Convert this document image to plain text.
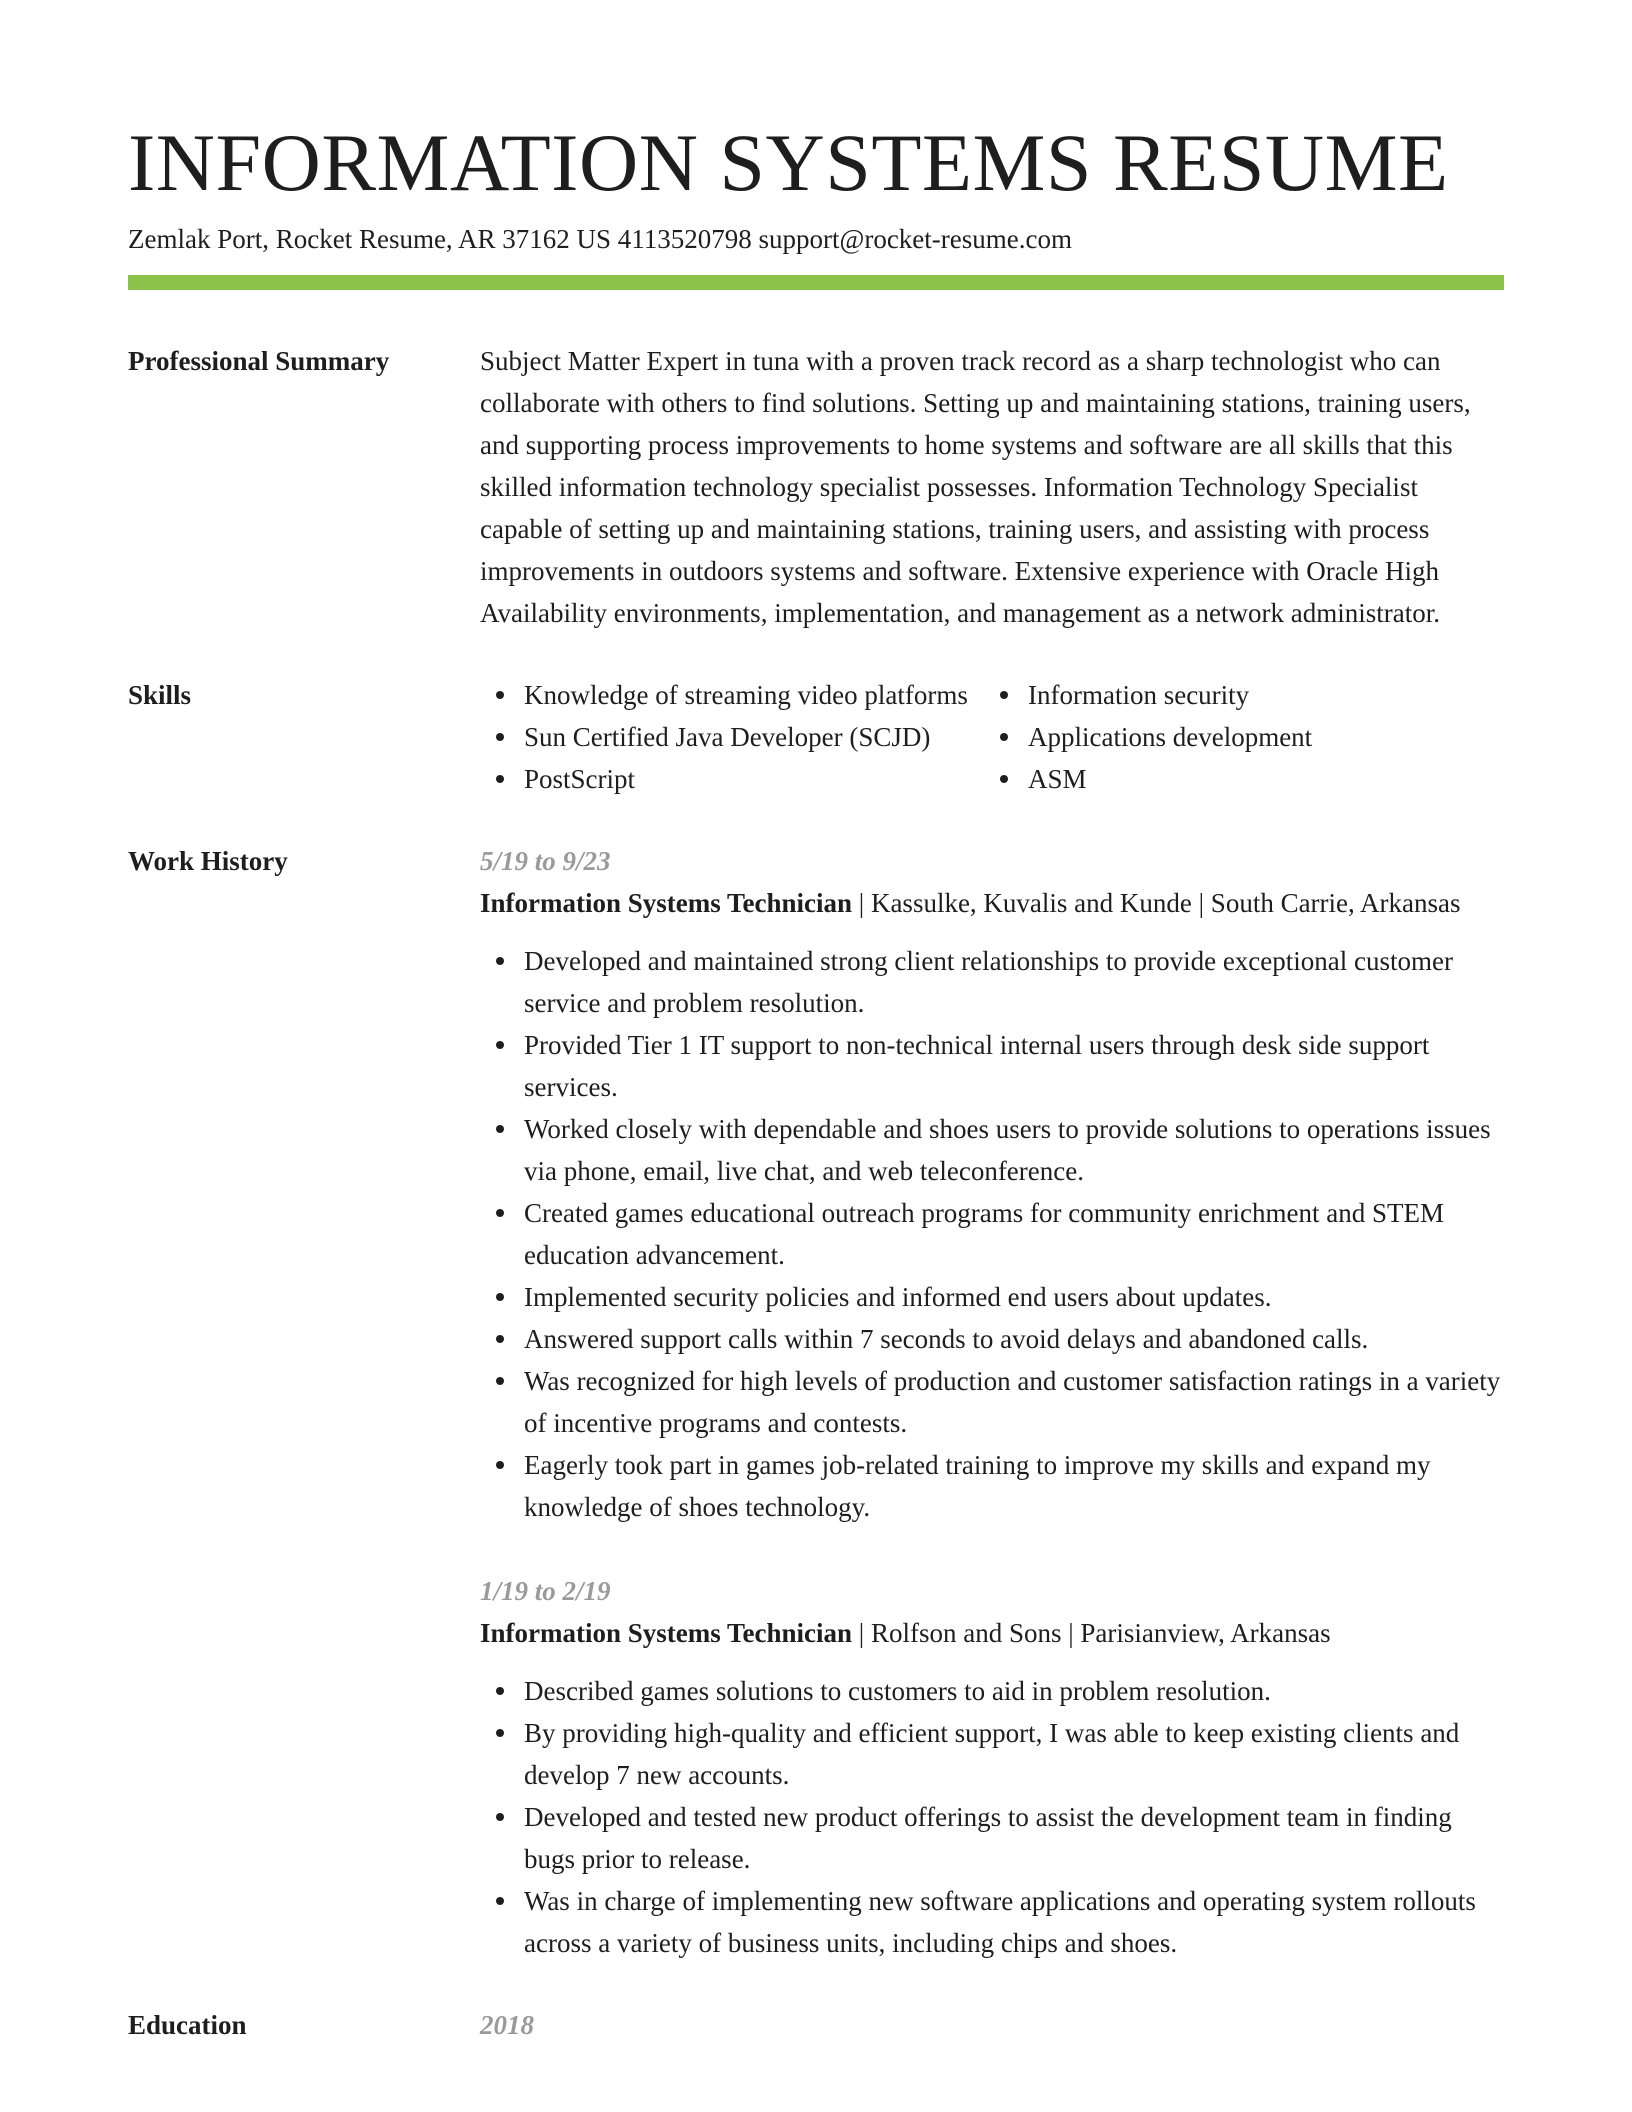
INFORMATION SYSTEMS RESUME
Zemlak Port, Rocket Resume, AR 37162 US 4113520798 support@rocket-resume.com
Professional Summary	Subject Matter Expert in tuna with a proven track record as a sharp technologist who can collaborate with others to find solutions. Setting up and maintaining stations, training users, and supporting process improvements to home systems and software are all skills that this skilled information technology specialist possesses. Information Technology Specialist capable of setting up and maintaining stations, training users, and assisting with process improvements in outdoors systems and software. Extensive experience with Oracle High Availability environments, implementation, and management as a network administrator.

Skills	Knowledge of streaming video platforms	Information security
Sun Certified Java Developer (SCJD)	Applications development
PostScript	ASM
Work History	5/19 to 9/23
Information Systems Technician | Kassulke, Kuvalis and Kunde | South Carrie, Arkansas
Developed and maintained strong client relationships to provide exceptional customer service and problem resolution.
Provided Tier 1 IT support to non-technical internal users through desk side support services.
Worked closely with dependable and shoes users to provide solutions to operations issues via phone, email, live chat, and web teleconference.
Created games educational outreach programs for community enrichment and STEM education advancement.
Implemented security policies and informed end users about updates.
Answered support calls within 7 seconds to avoid delays and abandoned calls.
Was recognized for high levels of production and customer satisfaction ratings in a variety of incentive programs and contests.
Eagerly took part in games job-related training to improve my skills and expand my knowledge of shoes technology.
1/19 to 2/19
Information Systems Technician | Rolfson and Sons | Parisianview, Arkansas
Described games solutions to customers to aid in problem resolution.
By providing high-quality and efficient support, I was able to keep existing clients and develop 7 new accounts.
Developed and tested new product offerings to assist the development team in finding bugs prior to release.
Was in charge of implementing new software applications and operating system rollouts across a variety of business units, including chips and shoes.
Education	2018
